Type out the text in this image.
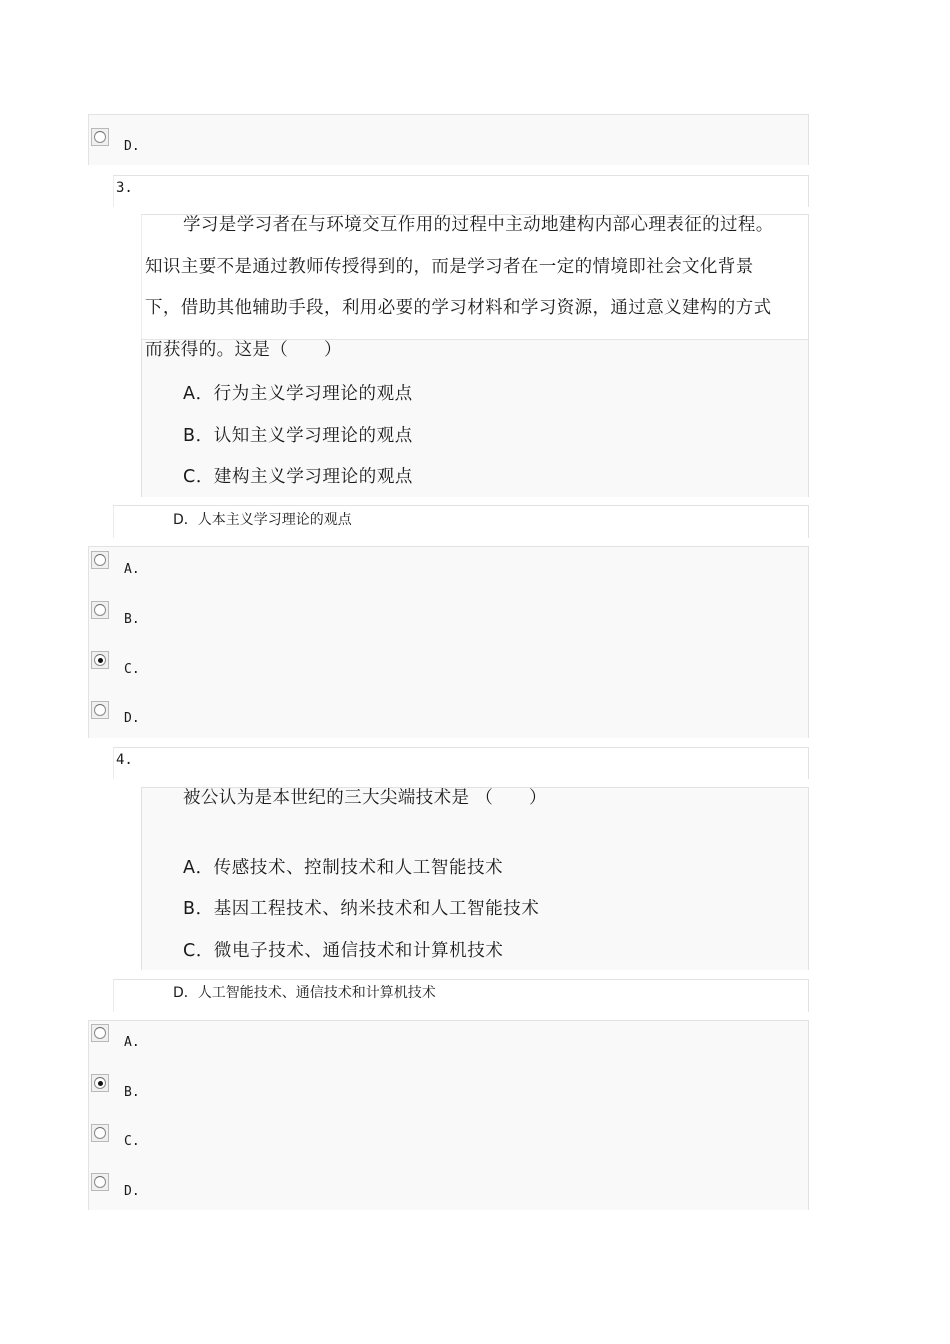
D.
3.
学习是学习者在与环境交互作用的过程中主动地建构内部心理表征的过程。
知识主要不是通过教师传授得到的，而是学习者在一定的情境即社会文化背景
下，借助其他辅助手段，利用必要的学习材料和学习资源，通过意义建构的方式
而获得的。这是（　　）
A．行为主义学习理论的观点
B．认知主义学习理论的观点
C．建构主义学习理论的观点
D．人本主义学习理论的观点
A.
B.
C.
D.
4.
被公认为是本世纪的三大尖端技术是 （　　）
A．传感技术、控制技术和人工智能技术
B．基因工程技术、纳米技术和人工智能技术
C．微电子技术、通信技术和计算机技术
D．人工智能技术、通信技术和计算机技术
A.
B.
C.
D.
